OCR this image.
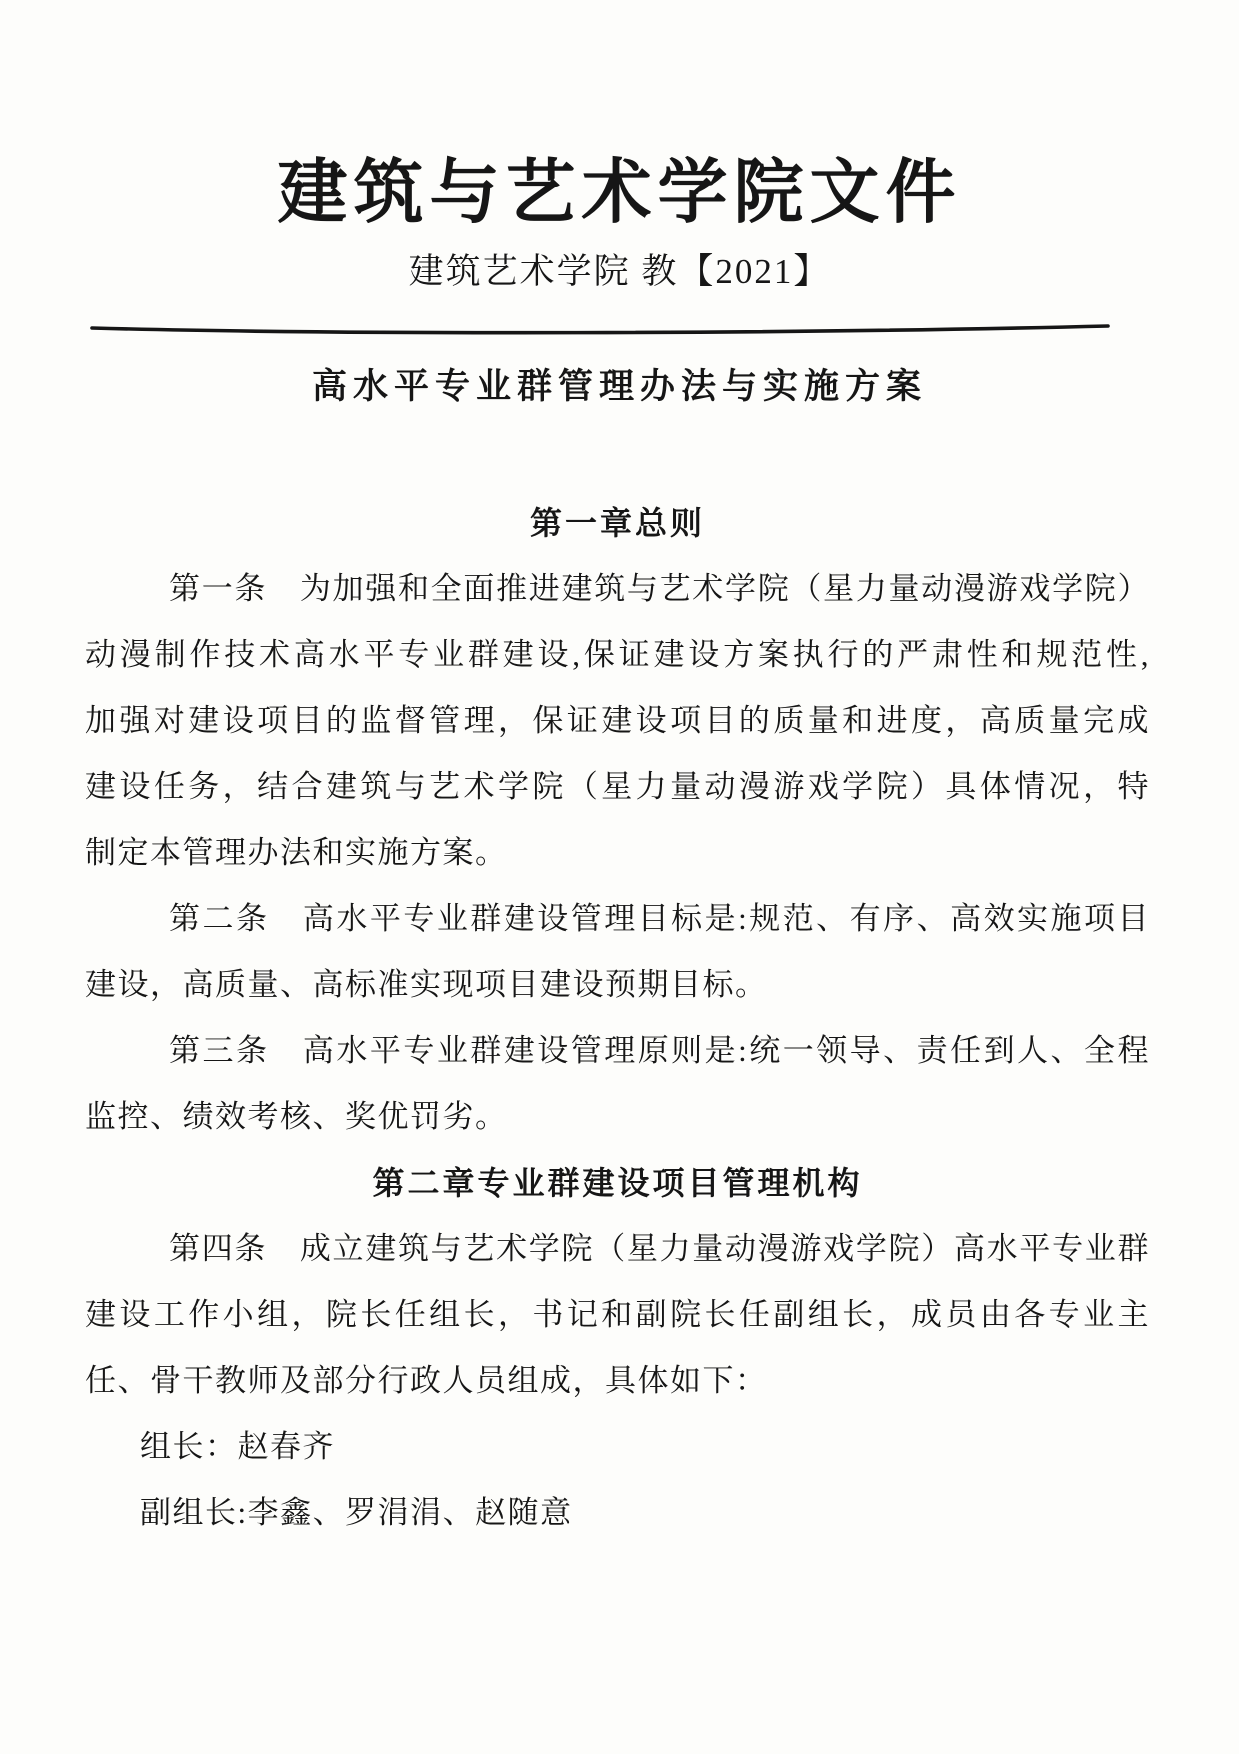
建筑与艺术学院文件
建筑艺术学院 教【2021】
高水平专业群管理办法与实施方案
第一章总则
第一条　为加强和全面推进建筑与艺术学院（星力量动漫游戏学院）
动漫制作技术高水平专业群建设,保证建设方案执行的严肃性和规范性,
加强对建设项目的监督管理，保证建设项目的质量和进度，高质量完成
建设任务，结合建筑与艺术学院（星力量动漫游戏学院）具体情况，特
制定本管理办法和实施方案。
第二条　高水平专业群建设管理目标是:规范、有序、高效实施项目
建设，高质量、高标准实现项目建设预期目标。
第三条　高水平专业群建设管理原则是:统一领导、责任到人、全程
监控、绩效考核、奖优罚劣。
第二章专业群建设项目管理机构
第四条　成立建筑与艺术学院（星力量动漫游戏学院）高水平专业群
建设工作小组，院长任组长，书记和副院长任副组长，成员由各专业主
任、骨干教师及部分行政人员组成，具体如下：
组长：赵春齐
副组长:李鑫、罗涓涓、赵随意
